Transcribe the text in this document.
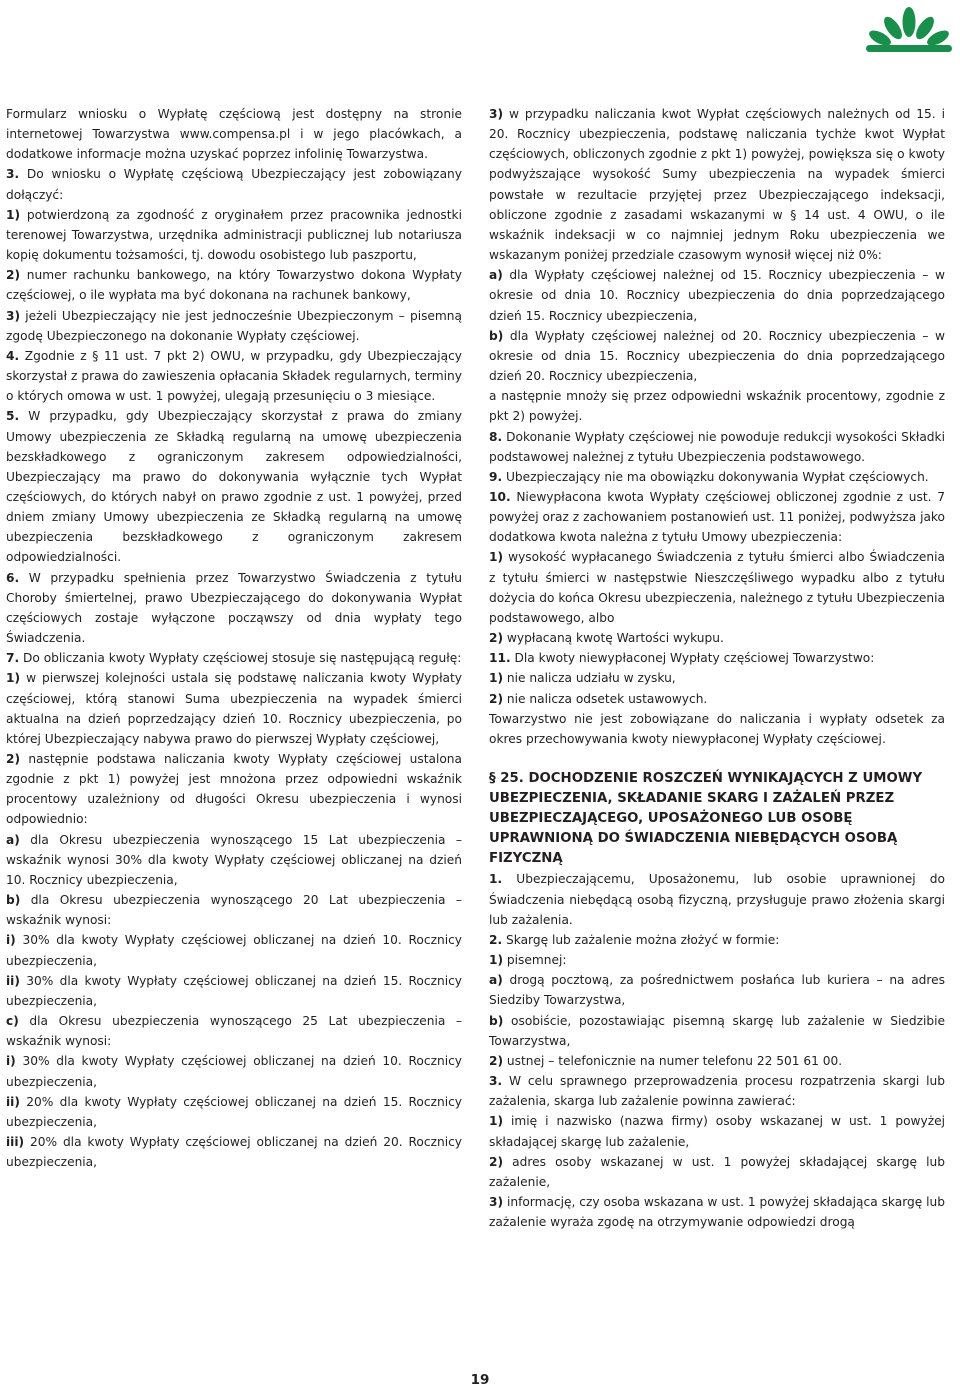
Formularz wniosku o Wypłatę częściową jest dostępny na stronie internetowej Towarzystwa www.compensa.pl i w jego placówkach, a dodatkowe informacje można uzyskać poprzez infolinię Towarzystwa.

3. Do wniosku o Wypłatę częściową Ubezpieczający jest zobowiązany dołączyć:

1) potwierdzoną za zgodność z oryginałem przez pracownika jednostki terenowej Towarzystwa, urzędnika administracji publicznej lub notariusza kopię dokumentu tożsamości, tj. dowodu osobistego lub paszportu,

2) numer rachunku bankowego, na który Towarzystwo dokona Wypłaty częściowej, o ile wypłata ma być dokonana na rachunek bankowy,

3) jeżeli Ubezpieczający nie jest jednocześnie Ubezpieczonym – pisemną zgodę Ubezpieczonego na dokonanie Wypłaty częściowej.

4. Zgodnie z § 11 ust. 7 pkt 2) OWU, w przypadku, gdy Ubezpieczający skorzystał z prawa do zawieszenia opłacania Składek regularnych, terminy o których omowa w ust. 1 powyżej, ulegają przesunięciu o 3 miesiące.

5. W przypadku, gdy Ubezpieczający skorzystał z prawa do zmiany Umowy ubezpieczenia ze Składką regularną na umowę ubezpieczenia bezskładkowego z ograniczonym zakresem odpowiedzialności, Ubezpieczający ma prawo do dokonywania wyłącznie tych Wypłat częściowych, do których nabył on prawo zgodnie z ust. 1 powyżej, przed dniem zmiany Umowy ubezpieczenia ze Składką regularną na umowę ubezpieczenia bezskładkowego z ograniczonym zakresem odpowiedzialności.

6. W przypadku spełnienia przez Towarzystwo Świadczenia z tytułu Choroby śmiertelnej, prawo Ubezpieczającego do dokonywania Wypłat częściowych zostaje wyłączone począwszy od dnia wypłaty tego Świadczenia.

7. Do obliczania kwoty Wypłaty częściowej stosuje się następującą regułę:

1) w pierwszej kolejności ustala się podstawę naliczania kwoty Wypłaty częściowej, którą stanowi Suma ubezpieczenia na wypadek śmierci aktualna na dzień poprzedzający dzień 10. Rocznicy ubezpieczenia, po której Ubezpieczający nabywa prawo do pierwszej Wypłaty częściowej,

2) następnie podstawa naliczania kwoty Wypłaty częściowej ustalona zgodnie z pkt 1) powyżej jest mnożona przez odpowiedni wskaźnik procentowy uzależniony od długości Okresu ubezpieczenia i wynosi odpowiednio:

a) dla Okresu ubezpieczenia wynoszącego 15 Lat ubezpieczenia – wskaźnik wynosi 30% dla kwoty Wypłaty częściowej obliczanej na dzień 10. Rocznicy ubezpieczenia,

b) dla Okresu ubezpieczenia wynoszącego 20 Lat ubezpieczenia – wskaźnik wynosi:

i) 30% dla kwoty Wypłaty częściowej obliczanej na dzień 10. Rocznicy ubezpieczenia,

ii) 30% dla kwoty Wypłaty częściowej obliczanej na dzień 15. Rocznicy ubezpieczenia,

c) dla Okresu ubezpieczenia wynoszącego 25 Lat ubezpieczenia – wskaźnik wynosi:

i) 30% dla kwoty Wypłaty częściowej obliczanej na dzień 10. Rocznicy ubezpieczenia,

ii) 20% dla kwoty Wypłaty częściowej obliczanej na dzień 15. Rocznicy ubezpieczenia,

iii) 20% dla kwoty Wypłaty częściowej obliczanej na dzień 20. Rocznicy ubezpieczenia,

3) w przypadku naliczania kwot Wypłat częściowych należnych od 15. i 20. Rocznicy ubezpieczenia, podstawę naliczania tychże kwot Wypłat częściowych, obliczonych zgodnie z pkt 1) powyżej, powiększa się o kwoty podwyższające wysokość Sumy ubezpieczenia na wypadek śmierci powstałe w rezultacie przyjętej przez Ubezpieczającego indeksacji, obliczone zgodnie z zasadami wskazanymi w § 14 ust. 4 OWU, o ile wskaźnik indeksacji w co najmniej jednym Roku ubezpieczenia we wskazanym poniżej przedziale czasowym wynosił więcej niż 0%:

a) dla Wypłaty częściowej należnej od 15. Rocznicy ubezpieczenia – w okresie od dnia 10. Rocznicy ubezpieczenia do dnia poprzedzającego dzień 15. Rocznicy ubezpieczenia,

b) dla Wypłaty częściowej należnej od 20. Rocznicy ubezpieczenia – w okresie od dnia 15. Rocznicy ubezpieczenia do dnia poprzedzającego dzień 20. Rocznicy ubezpieczenia,

a następnie mnoży się przez odpowiedni wskaźnik procentowy, zgodnie z pkt 2) powyżej.

8. Dokonanie Wypłaty częściowej nie powoduje redukcji wysokości Składki podstawowej należnej z tytułu Ubezpieczenia podstawowego.

9. Ubezpieczający nie ma obowiązku dokonywania Wypłat częściowych.

10. Niewypłacona kwota Wypłaty częściowej obliczonej zgodnie z ust. 7 powyżej oraz z zachowaniem postanowień ust. 11 poniżej, podwyższa jako dodatkowa kwota należna z tytułu Umowy ubezpieczenia:

1) wysokość wypłacanego Świadczenia z tytułu śmierci albo Świadczenia z tytułu śmierci w następstwie Nieszczęśliwego wypadku albo z tytułu dożycia do końca Okresu ubezpieczenia, należnego z tytułu Ubezpieczenia podstawowego, albo

2) wypłacaną kwotę Wartości wykupu.

11. Dla kwoty niewypłaconej Wypłaty częściowej Towarzystwo:

1) nie nalicza udziału w zysku,

2) nie nalicza odsetek ustawowych.

Towarzystwo nie jest zobowiązane do naliczania i wypłaty odsetek za okres przechowywania kwoty niewypłaconej Wypłaty częściowej.

§ 25. DOCHODZENIE ROSZCZEŃ WYNIKAJĄCYCH Z UMOWY UBEZPIECZENIA, SKŁADANIE SKARG I ZAŻALEŃ PRZEZ UBEZPIECZAJĄCEGO, UPOSAŻONEGO LUB OSOBĘ UPRAWNIONĄ DO ŚWIADCZENIA NIEBĘDĄCYCH OSOBĄ FIZYCZNĄ

1. Ubezpieczającemu, Uposażonemu, lub osobie uprawnionej do Świadczenia niebędącą osobą fizyczną, przysługuje prawo złożenia skargi lub zażalenia.

2. Skargę lub zażalenie można złożyć w formie:

1) pisemnej:

a) drogą pocztową, za pośrednictwem posłańca lub kuriera – na adres Siedziby Towarzystwa,

b) osobiście, pozostawiając pisemną skargę lub zażalenie w Siedzibie Towarzystwa,

2) ustnej – telefonicznie na numer telefonu 22 501 61 00.

3. W celu sprawnego przeprowadzenia procesu rozpatrzenia skargi lub zażalenia, skarga lub zażalenie powinna zawierać:

1) imię i nazwisko (nazwa firmy) osoby wskazanej w ust. 1 powyżej składającej skargę lub zażalenie,

2) adres osoby wskazanej w ust. 1 powyżej składającej skargę lub zażalenie,

3) informację, czy osoba wskazana w ust. 1 powyżej składająca skargę lub zażalenie wyraża zgodę na otrzymywanie odpowiedzi drogą

19
